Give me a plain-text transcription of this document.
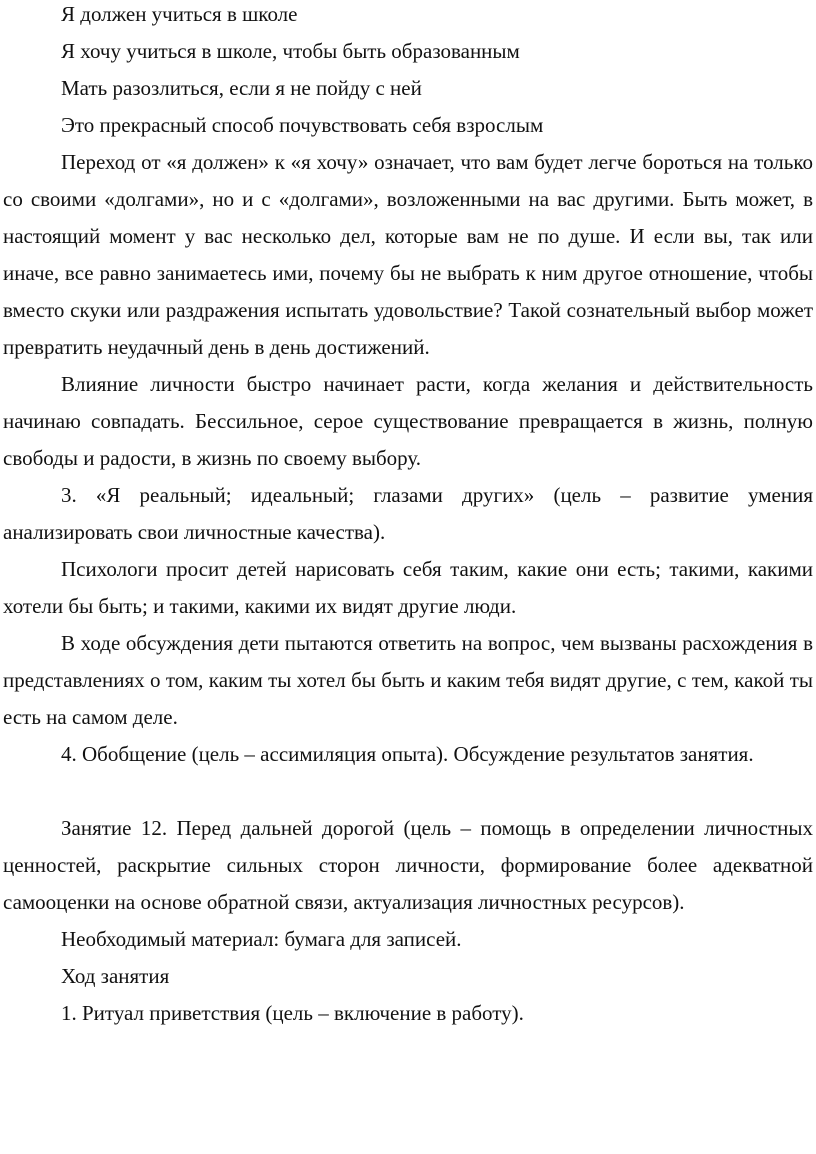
Я должен учиться в школе

Я хочу учиться в школе, чтобы быть образованным

Мать разозлиться, если я не пойду с ней

Это прекрасный способ почувствовать себя взрослым

Переход от «я должен» к «я хочу» означает, что вам будет легче бороться на только со своими «долгами», но и с «долгами», возложенными на вас другими. Быть может, в настоящий момент у вас несколько дел, которые вам не по душе. И если вы, так или иначе, все равно занимаетесь ими, почему бы не выбрать к ним другое отношение, чтобы вместо скуки или раздражения испытать удовольствие? Такой сознательный выбор может превратить неудачный день в день достижений.

Влияние личности быстро начинает расти, когда желания и действительность начинаю совпадать. Бессильное, серое существование превращается в жизнь, полную свободы и радости, в жизнь по своему выбору.

3. «Я реальный; идеальный; глазами других» (цель – развитие умения анализировать свои личностные качества).

Психологи просит детей нарисовать себя таким, какие они есть; такими, какими хотели бы быть; и такими, какими их видят другие люди.

В ходе обсуждения дети пытаются ответить на вопрос, чем вызваны расхождения в представлениях о том, каким ты хотел бы быть и каким тебя видят другие, с тем, какой ты есть на самом деле.

4. Обобщение (цель – ассимиляция опыта). Обсуждение результатов занятия.

Занятие 12. Перед дальней дорогой (цель – помощь в определении личностных ценностей, раскрытие сильных сторон личности, формирование более адекватной самооценки на основе обратной связи, актуализация личностных ресурсов).

Необходимый материал: бумага для записей.

Ход занятия

1. Ритуал приветствия (цель – включение в работу).
